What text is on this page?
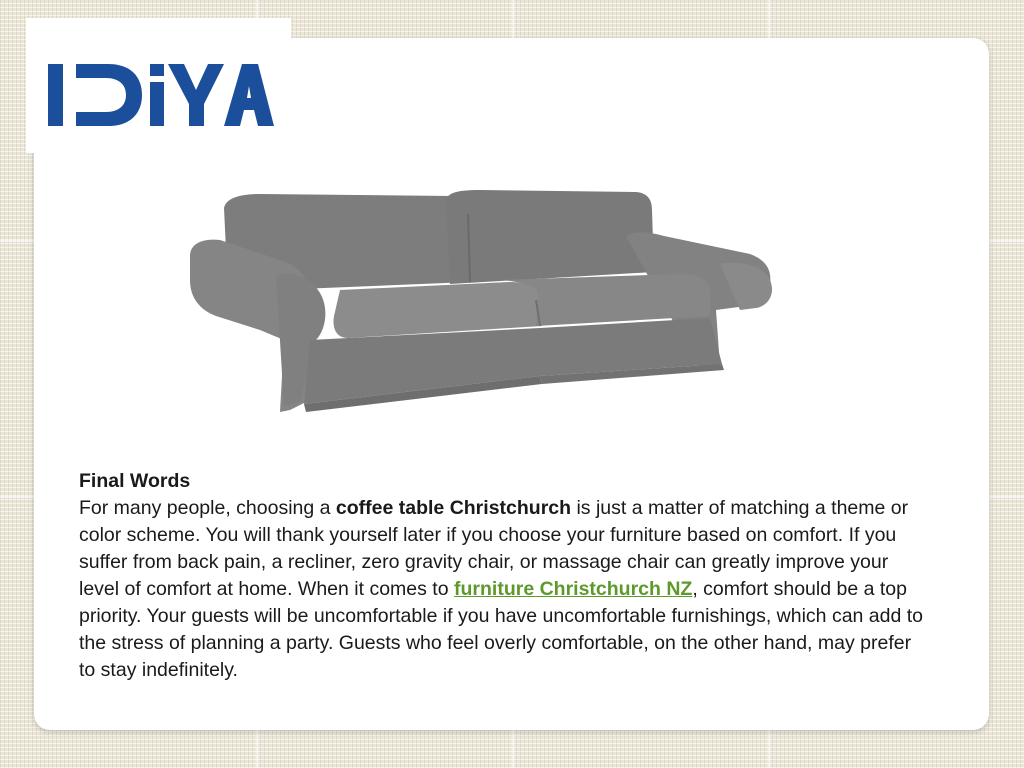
Final Words
For many people, choosing a coffee table Christchurch is just a matter of matching a theme or color scheme. You will thank yourself later if you choose your furniture based on comfort. If you suffer from back pain, a recliner, zero gravity chair, or massage chair can greatly improve your level of comfort at home. When it comes to furniture Christchurch NZ, comfort should be a top priority. Your guests will be uncomfortable if you have uncomfortable furnishings, which can add to the stress of planning a party. Guests who feel overly comfortable, on the other hand, may prefer to stay indefinitely.
